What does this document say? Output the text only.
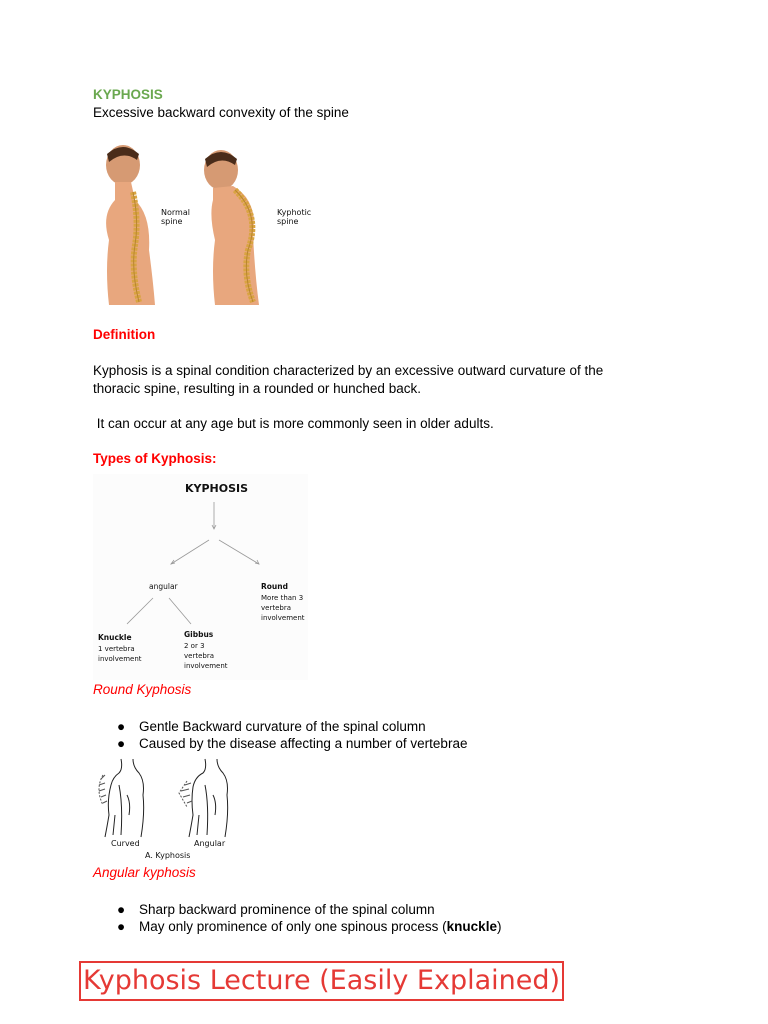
KYPHOSIS
Excessive backward convexity of the spine
Normal
spine
Kyphotic
spine
Definition
Kyphosis is a spinal condition characterized by an excessive outward curvature of the
thoracic spine, resulting in a rounded or hunched back.
It can occur at any age but is more commonly seen in older adults.
Types of Kyphosis:
KYPHOSIS
angular	Round
More than 3
vertebra
involvement
Knuckle
1 vertebra
involvement
Gibbus
2 or 3
vertebra
involvement
Round Kyphosis
● Gentle Backward curvature of the spinal column
● Caused by the disease affecting a number of vertebrae
Curved	Angular
A. Kyphosis
Angular kyphosis
● Sharp backward prominence of the spinal column
● May only prominence of only one spinous process (knuckle)
Kyphosis Lecture (Easily Explained)
